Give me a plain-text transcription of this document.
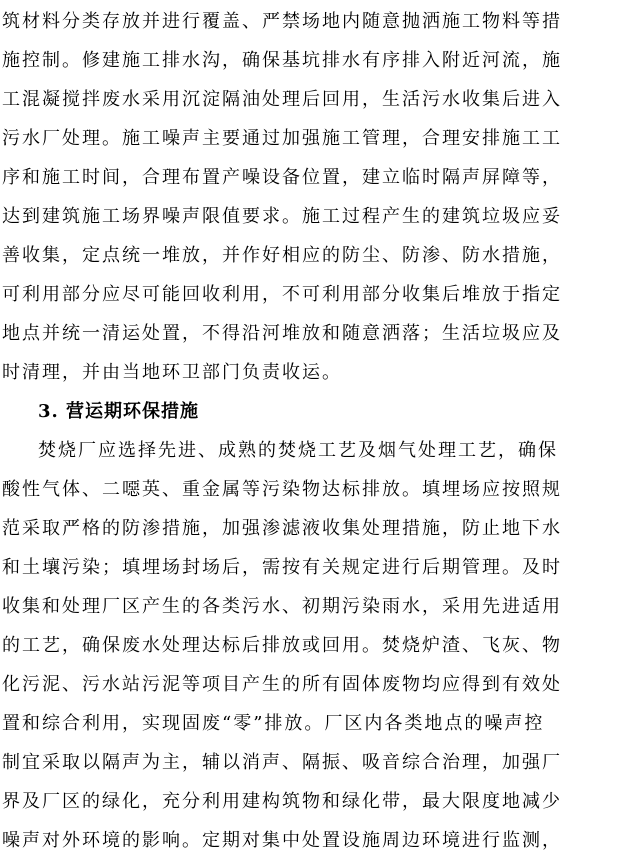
筑材料分类存放并进行覆盖、严禁场地内随意抛洒施工物料等措
施控制。修建施工排水沟，确保基坑排水有序排入附近河流，施
工混凝搅拌废水采用沉淀隔油处理后回用，生活污水收集后进入
污水厂处理。施工噪声主要通过加强施工管理，合理安排施工工
序和施工时间，合理布置产噪设备位置，建立临时隔声屏障等，
达到建筑施工场界噪声限值要求。施工过程产生的建筑垃圾应妥
善收集，定点统一堆放，并作好相应的防尘、防渗、防水措施，
可利用部分应尽可能回收利用，不可利用部分收集后堆放于指定
地点并统一清运处置，不得沿河堆放和随意洒落；生活垃圾应及
时清理，并由当地环卫部门负责收运。
3. 营运期环保措施
焚烧厂应选择先进、成熟的焚烧工艺及烟气处理工艺，确保
酸性气体、二噁英、重金属等污染物达标排放。填埋场应按照规
范采取严格的防渗措施，加强渗滤液收集处理措施，防止地下水
和土壤污染；填埋场封场后，需按有关规定进行后期管理。及时
收集和处理厂区产生的各类污水、初期污染雨水，采用先进适用
的工艺，确保废水处理达标后排放或回用。焚烧炉渣、飞灰、物
化污泥、污水站污泥等项目产生的所有固体废物均应得到有效处
置和综合利用，实现固废“零”排放。厂区内各类地点的噪声控
制宜采取以隔声为主，辅以消声、隔振、吸音综合治理，加强厂
界及厂区的绿化，充分利用建构筑物和绿化带，最大限度地减少
噪声对外环境的影响。定期对集中处置设施周边环境进行监测，
